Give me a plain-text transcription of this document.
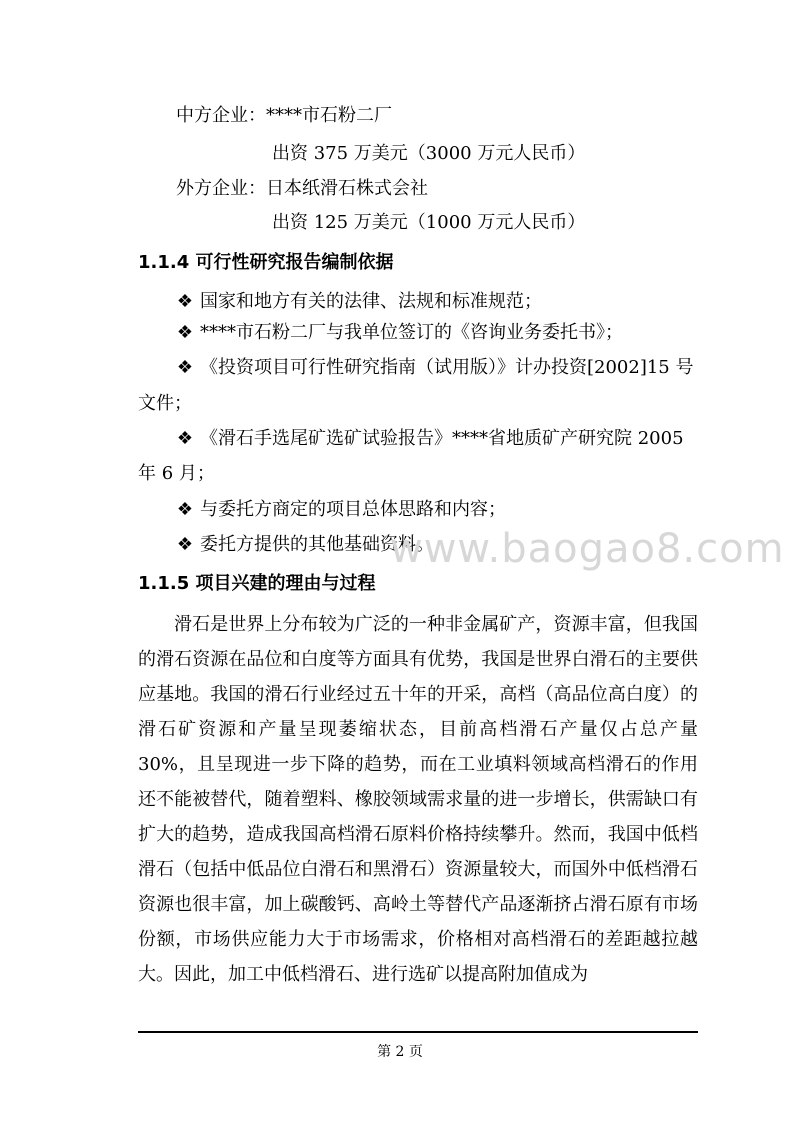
中方企业：****市石粉二厂
出资 375 万美元（3000 万元人民币）
外方企业：日本纸滑石株式会社
出资 125 万美元（1000 万元人民币）
1.1.4 可行性研究报告编制依据
❖ 国家和地方有关的法律、法规和标准规范；
❖ ****市石粉二厂与我单位签订的《咨询业务委托书》；
❖ 《投资项目可行性研究指南（试用版）》计办投资[2002]15 号
文件；
❖ 《滑石手选尾矿选矿试验报告》****省地质矿产研究院 2005
年 6 月；
❖ 与委托方商定的项目总体思路和内容；
❖ 委托方提供的其他基础资料。
www.baogao8.com
1.1.5 项目兴建的理由与过程
滑石是世界上分布较为广泛的一种非金属矿产，资源丰富，但我国的滑石资源在品位和白度等方面具有优势，我国是世界白滑石的主要供应基地。我国的滑石行业经过五十年的开采，高档（高品位高白度）的滑石矿资源和产量呈现萎缩状态，目前高档滑石产量仅占总产量 30%，且呈现进一步下降的趋势，而在工业填料领域高档滑石的作用还不能被替代，随着塑料、橡胶领域需求量的进一步增长，供需缺口有扩大的趋势，造成我国高档滑石原料价格持续攀升。然而，我国中低档滑石（包括中低品位白滑石和黑滑石）资源量较大，而国外中低档滑石资源也很丰富，加上碳酸钙、高岭土等替代产品逐渐挤占滑石原有市场份额，市场供应能力大于市场需求，价格相对高档滑石的差距越拉越大。因此，加工中低档滑石、进行选矿以提高附加值成为
第 2 页
